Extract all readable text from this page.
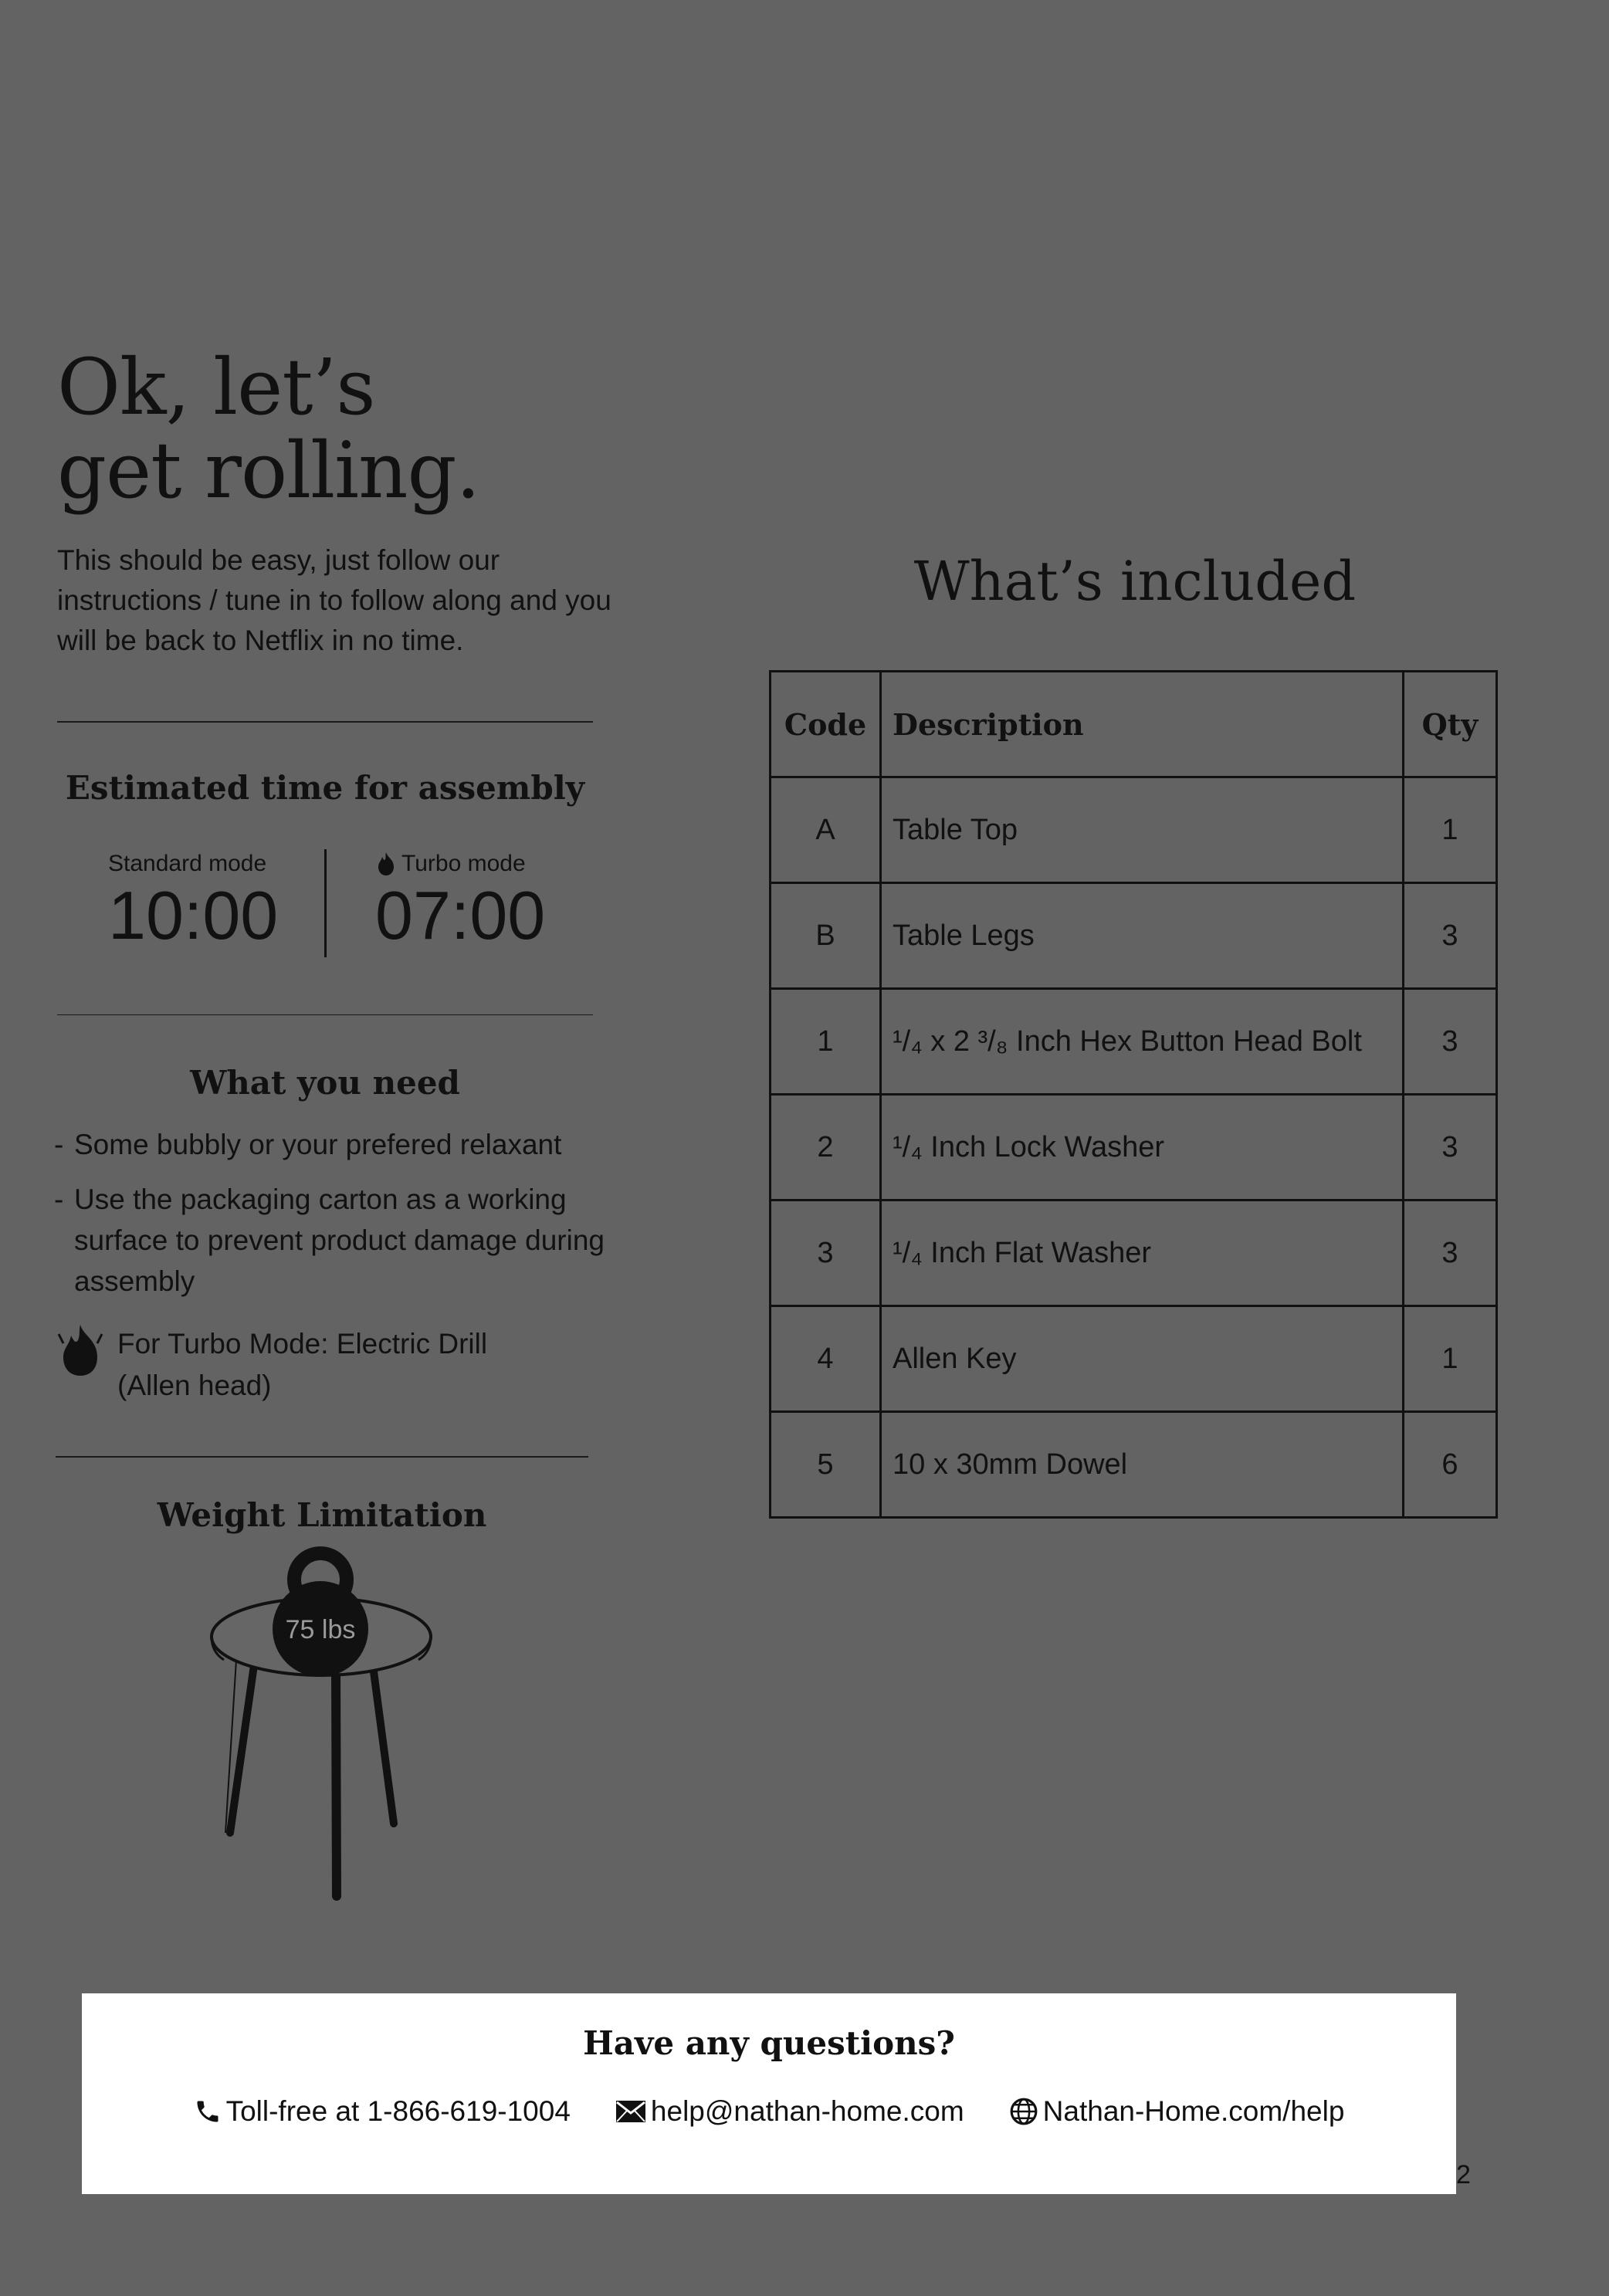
Ok, let’s
get rolling.

This should be easy, just follow our instructions / tune in to follow along and you will be back to Netflix in no time.

Estimated time for assembly
Standard mode
10:00
Turbo mode
07:00
What you need
- Some bubbly or your prefered relaxant
- Use the packaging carton as a working surface to prevent product damage during assembly
For Turbo Mode: Electric Drill
(Allen head)
Weight Limitation
75 lbs
What’s included
Code	Description	Qty
A	Table Top	1
B	Table Legs	3
1	¹/₄ x 2 ³/₈ Inch Hex Button Head Bolt	3
2	¹/₄ Inch Lock Washer	3
3	¹/₄ Inch Flat Washer	3
4	Allen Key	1
5	10 x 30mm Dowel	6
Have any questions?
Toll-free at 1-866-619-1004	help@nathan-home.com	Nathan-Home.com/help
2
